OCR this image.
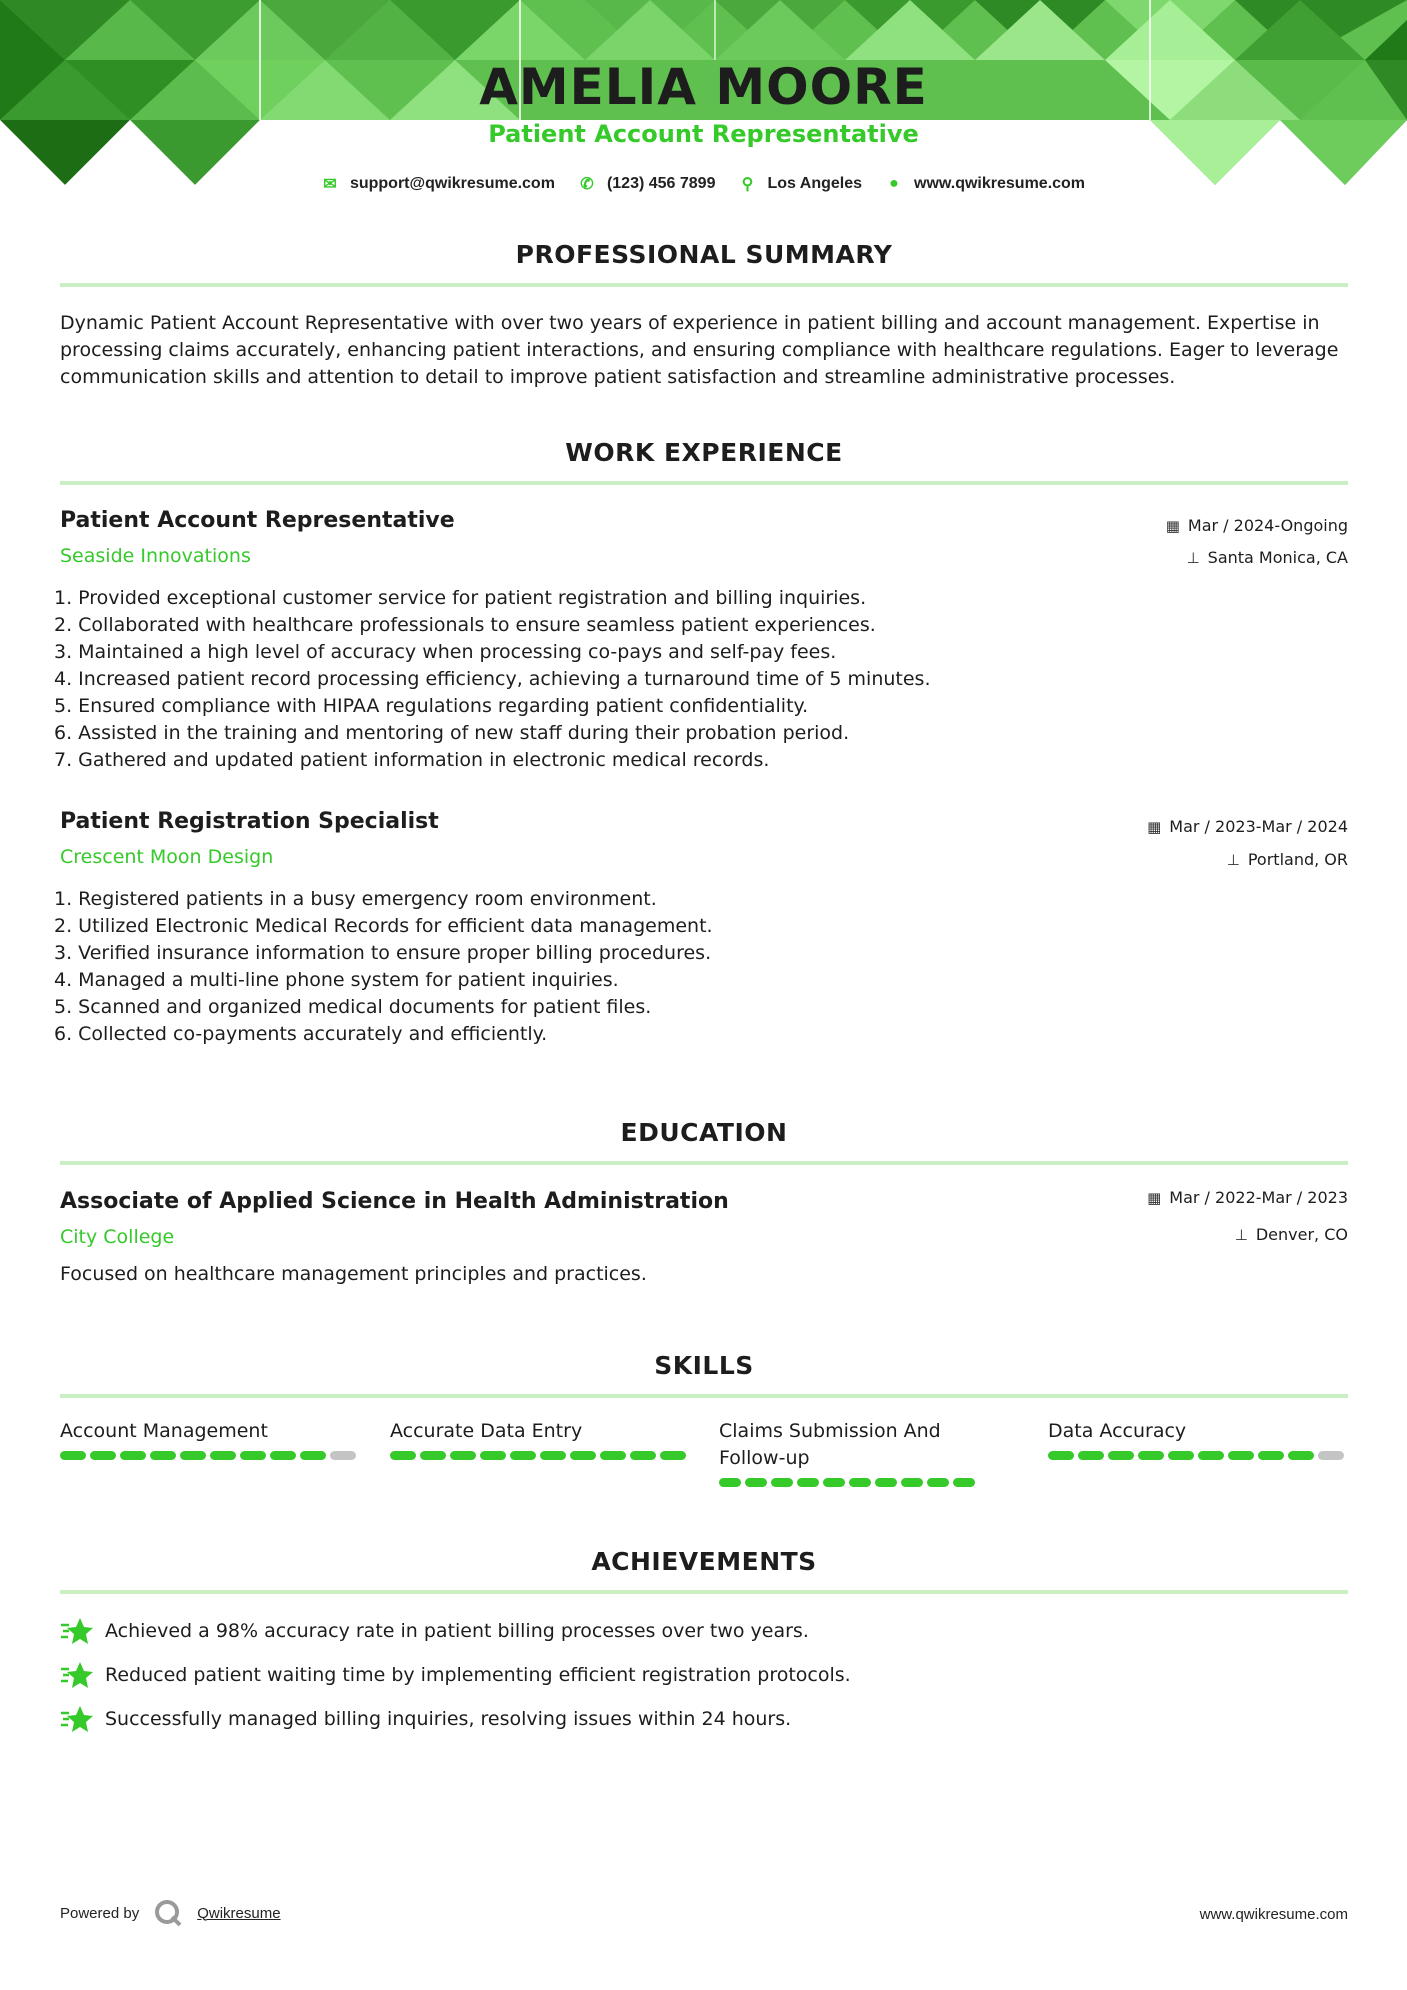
AMELIA MOORE
Patient Account Representative
✉ support@qwikresume.com ✆ (123) 456 7899 ⚲ Los Angeles ● www.qwikresume.com
PROFESSIONAL SUMMARY
Dynamic Patient Account Representative with over two years of experience in patient billing and account management. Expertise in processing claims accurately, enhancing patient interactions, and ensuring compliance with healthcare regulations. Eager to leverage communication skills and attention to detail to improve patient satisfaction and streamline administrative processes.
WORK EXPERIENCE
Patient Account Representative
Seaside Innovations
▦ Mar / 2024-Ongoing
⊥ Santa Monica, CA
1. Provided exceptional customer service for patient registration and billing inquiries.
2. Collaborated with healthcare professionals to ensure seamless patient experiences.
3. Maintained a high level of accuracy when processing co-pays and self-pay fees.
4. Increased patient record processing efficiency, achieving a turnaround time of 5 minutes.
5. Ensured compliance with HIPAA regulations regarding patient confidentiality.
6. Assisted in the training and mentoring of new staff during their probation period.
7. Gathered and updated patient information in electronic medical records.
Patient Registration Specialist
Crescent Moon Design
▦ Mar / 2023-Mar / 2024
⊥ Portland, OR
1. Registered patients in a busy emergency room environment.
2. Utilized Electronic Medical Records for efficient data management.
3. Verified insurance information to ensure proper billing procedures.
4. Managed a multi-line phone system for patient inquiries.
5. Scanned and organized medical documents for patient files.
6. Collected co-payments accurately and efficiently.
EDUCATION
Associate of Applied Science in Health Administration
City College
▦ Mar / 2022-Mar / 2023
⊥ Denver, CO
Focused on healthcare management principles and practices.
SKILLS
Account Management	Accurate Data Entry	Claims Submission And Follow-up
Data Accuracy
ACHIEVEMENTS
Achieved a 98% accuracy rate in patient billing processes over two years.
Reduced patient waiting time by implementing efficient registration protocols.
Successfully managed billing inquiries, resolving issues within 24 hours.
Powered by	Qwikresume	www.qwikresume.com
